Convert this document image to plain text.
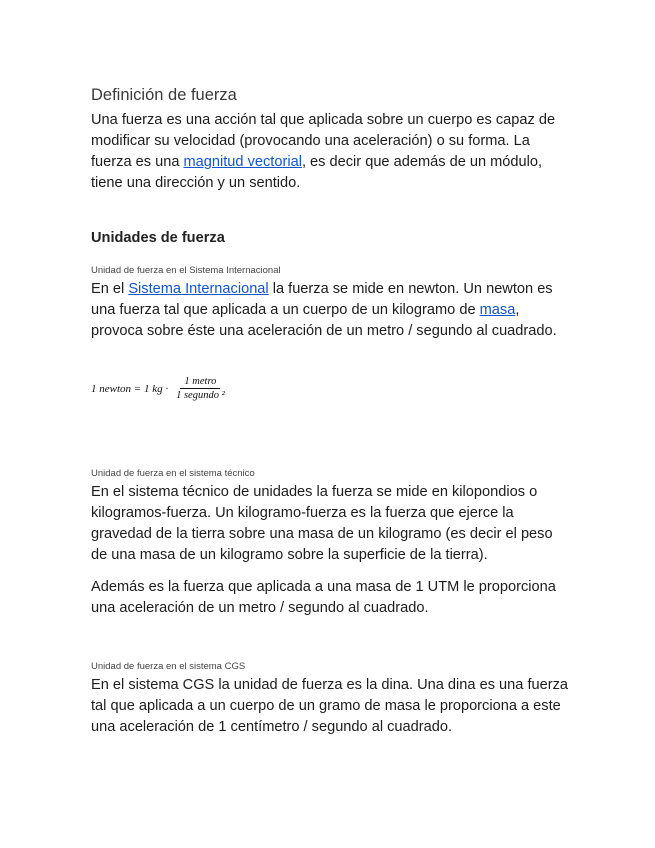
Definición de fuerza

Una fuerza es una acción tal que aplicada sobre un cuerpo es capaz de modificar su velocidad (provocando una aceleración) o su forma. La fuerza es una magnitud vectorial, es decir que además de un módulo, tiene una dirección y un sentido.

Unidades de fuerza
Unidad de fuerza en el Sistema Internacional

En el Sistema Internacional la fuerza se mide en newton. Un newton es una fuerza tal que aplicada a un cuerpo de un kilogramo de masa, provoca sobre éste una aceleración de un metro / segundo al cuadrado.

1 newton = 1 kg · $\frac{\text{1 metro}}{\text{1 segundo ²}}$
Unidad de fuerza en el sistema técnico

En el sistema técnico de unidades la fuerza se mide en kilopondios o kilogramos-fuerza. Un kilogramo-fuerza es la fuerza que ejerce la gravedad de la tierra sobre una masa de un kilogramo (es decir el peso de una masa de un kilogramo sobre la superficie de la tierra).

Además es la fuerza que aplicada a una masa de 1 UTM le proporciona una aceleración de un metro / segundo al cuadrado.

Unidad de fuerza en el sistema CGS

En el sistema CGS la unidad de fuerza es la dina. Una dina es una fuerza tal que aplicada a un cuerpo de un gramo de masa le proporciona a este una aceleración de 1 centímetro / segundo al cuadrado.
